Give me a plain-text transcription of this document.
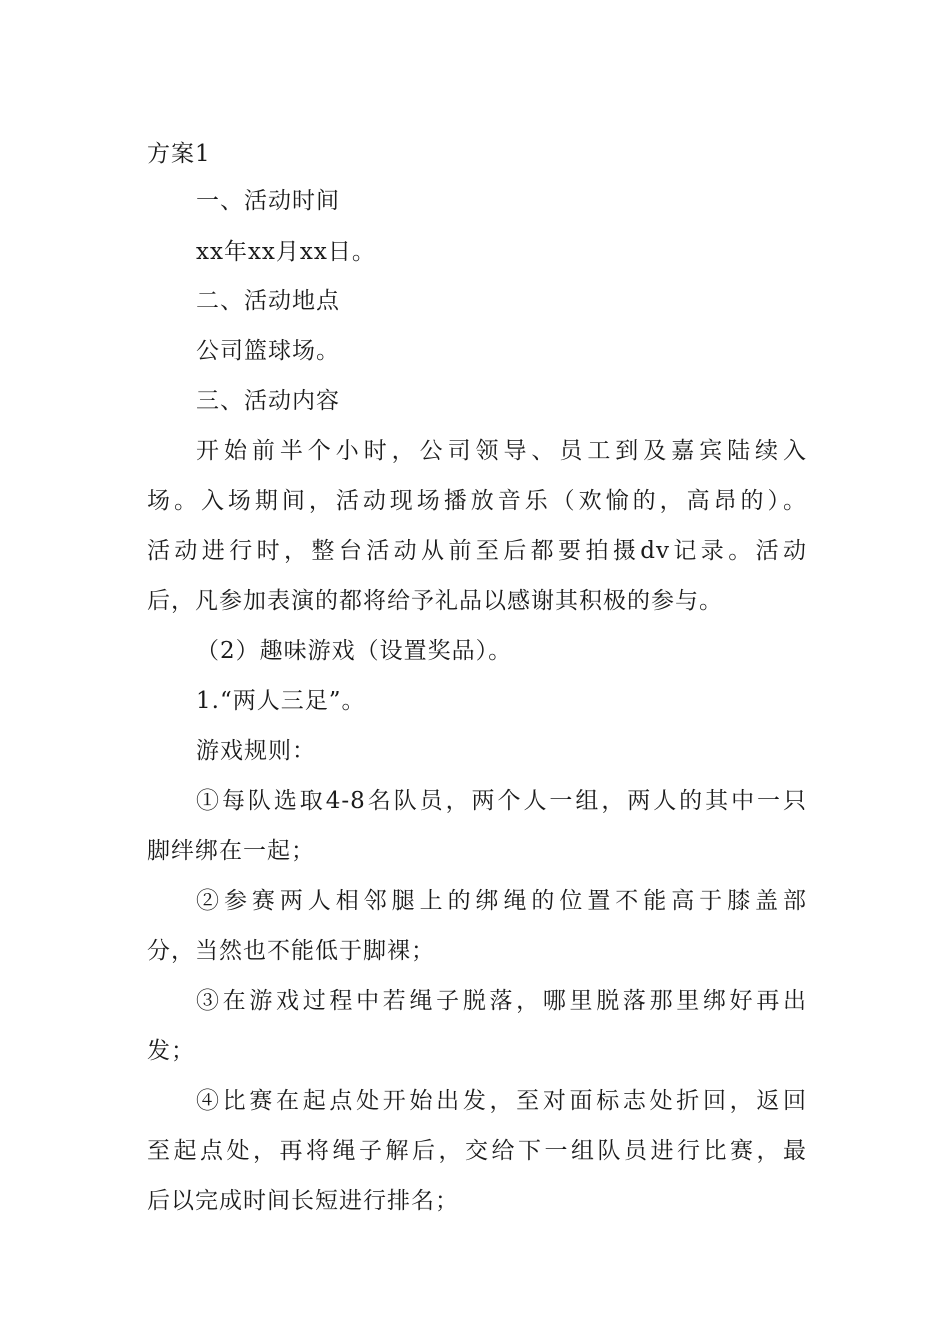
方案1
一、活动时间
xx年xx月xx日。
二、活动地点
公司篮球场。
三、活动内容
开始前半个小时，公司领导、员工到及嘉宾陆续入
场。入场期间，活动现场播放音乐（欢愉的，高昂的）。
活动进行时，整台活动从前至后都要拍摄dv记录。活动
后，凡参加表演的都将给予礼品以感谢其积极的参与。
（2）趣味游戏（设置奖品）。
1.“两人三足”。
游戏规则：
①每队选取4-8名队员，两个人一组，两人的其中一只
脚绊绑在一起；
②参赛两人相邻腿上的绑绳的位置不能高于膝盖部
分，当然也不能低于脚裸；
③在游戏过程中若绳子脱落，哪里脱落那里绑好再出
发；
④比赛在起点处开始出发，至对面标志处折回，返回
至起点处，再将绳子解后，交给下一组队员进行比赛，最
后以完成时间长短进行排名；
